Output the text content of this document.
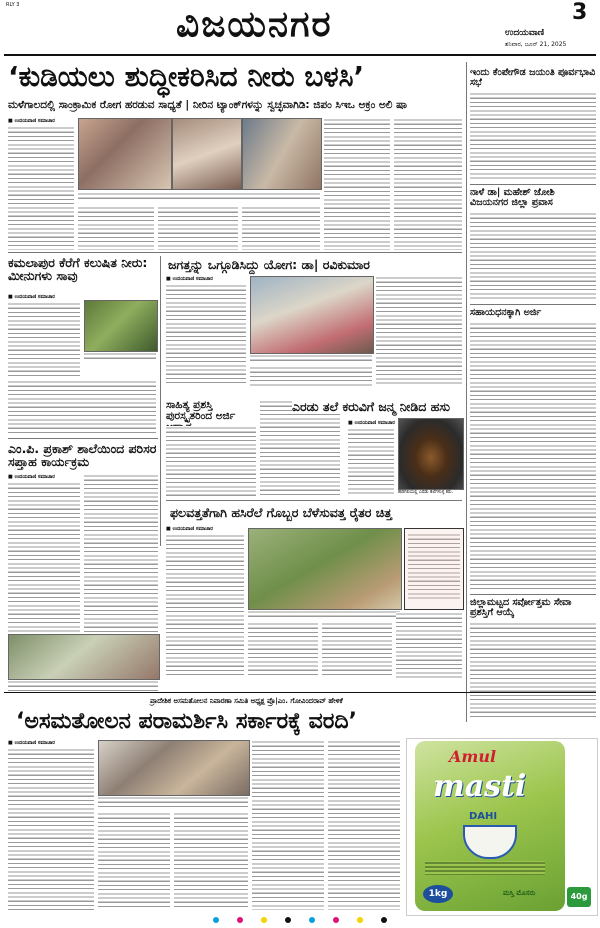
RLY 3	ವಿಜಯನಗರ	3
ಉದಯವಾಣಿ
ಶನಿವಾರ, ಜೂನ್ 21, 2025
‘ಕುಡಿಯಲು ಶುದ್ಧೀಕರಿಸಿದ ನೀರು ಬಳಸಿ’
ಮಳೆಗಾಲದಲ್ಲಿ ಸಾಂಕ್ರಾಮಿಕ ರೋಗ ಹರಡುವ ಸಾಧ್ಯತೆ | ನೀರಿನ ಟ್ಯಾಂಕ್‌ಗಳನ್ನು ಸ್ವಚ್ಛವಾಗಿಡಿ: ಜಿಪಂ ಸಿಇಒ ಅಕ್ರಂ ಅಲಿ ಷಾ
ಇಂದು ಕೆಂಪೇಗೌಡ ಜಯಂತಿ ಪೂರ್ವಭಾವಿ ಸಭೆ
ನಾಳೆ ಡಾ| ಮಹೇಶ್ ಜೋಶಿ ವಿಜಯನಗರ ಜಿಲ್ಲಾ ಪ್ರವಾಸ
ಸಹಾಯಧನಕ್ಕಾಗಿ ಅರ್ಜಿ
ಜಿಲ್ಲಾಮಟ್ಟದ ಸರ್ವೋತ್ತಮ ಸೇವಾ ಪ್ರಶಸ್ತಿಗೆ ಆಯ್ಕೆ
■ ಉದಯವಾಣಿ ಸಮಾಚಾರ
ಕಮಲಾಪುರ ಕೆರೆಗೆ ಕಲುಷಿತ ನೀರು: ಮೀನುಗಳು ಸಾವು
■ ಉದಯವಾಣಿ ಸಮಾಚಾರ
ಎಂ.ಪಿ. ಪ್ರಕಾಶ್ ಶಾಲೆಯಿಂದ ಪರಿಸರ ಸಪ್ತಾಹ ಕಾರ್ಯಕ್ರಮ
■ ಉದಯವಾಣಿ ಸಮಾಚಾರ
ಜಗತ್ತನ್ನು ಒಗ್ಗೂಡಿಸಿದ್ದು ಯೋಗ: ಡಾ| ರವಿಕುಮಾರ
■ ಉದಯವಾಣಿ ಸಮಾಚಾರ
ಸಾಹಿತ್ಯ ಪ್ರಶಸ್ತಿ ಪುರಸ್ಕೃತರಿಂದ ಅರ್ಜಿ
ಎರಡು ತಲೆ ಕರುವಿಗೆ ಜನ್ಮ ನೀಡಿದ ಹಸು
■ ಉದಯವಾಣಿ ಸಮಾಚಾರ
ಹಡಗಲಿಯಲ್ಲಿ ಎರಡು ತಲೆಗಳುಳ್ಳ ಕರು.
ಫಲವತ್ತತೆಗಾಗಿ ಹಸಿರೆಲೆ ಗೊಬ್ಬರ ಬೆಳೆಸುವತ್ತ ರೈತರ ಚಿತ್ತ
■ ಉದಯವಾಣಿ ಸಮಾಚಾರ
ಪ್ರಾದೇಶಿಕ ಅಸಮತೋಲನ ನಿವಾರಣಾ ಸಮಿತಿ ಅಧ್ಯಕ್ಷ ಪ್ರೊ|ಎಂ. ಗೋವಿಂದರಾವ್ ಹೇಳಿಕೆ
‘ಅಸಮತೋಲನ ಪರಾಮರ್ಶಿಸಿ ಸರ್ಕಾರಕ್ಕೆ ವರದಿ’
■ ಉದಯವಾಣಿ ಸಮಾಚಾರ
Amul
masti
DAHI
1kg	ಮಸ್ತಿ ಮೊಸರು	40g
